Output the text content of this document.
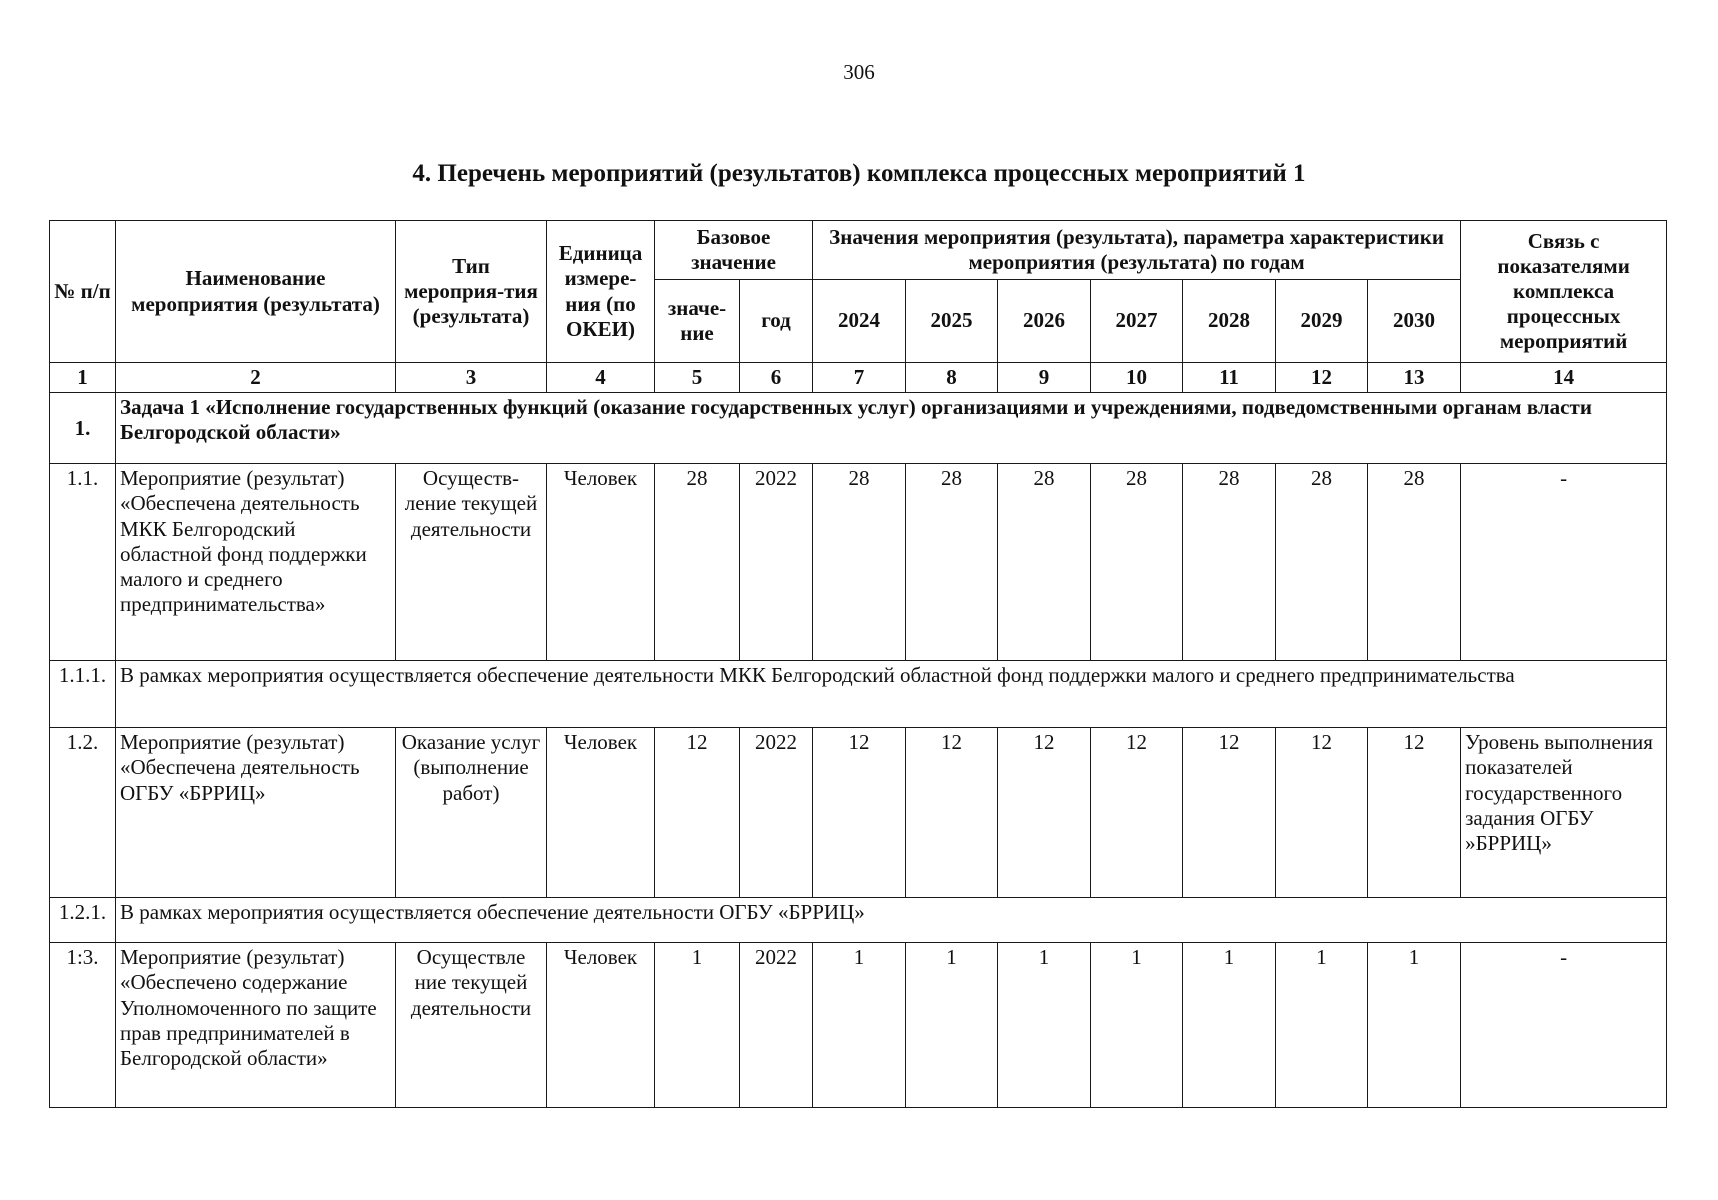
306
4. Перечень мероприятий (результатов) комплекса процессных мероприятий 1
№ п/п	Наименование мероприятия (результата)	Тип мероприя-тия (результата)	Единица измере-ния (по ОКЕИ)	Базовое значение		Значения мероприятия (результата), параметра характеристики мероприятия (результата) по годам							Связь с показателями комплекса процессных мероприятий
				значе-ние	год	2024	2025	2026	2027	2028	2029	2030	
1	2	3	4	5	6	7	8	9	10	11	12	13	14
1.	Задача 1 «Исполнение государственных функций (оказание государственных услуг) организациями и учреждениями, подведомственными органам власти Белгородской области»												
1.1.	Мероприятие (результат) «Обеспечена деятельность МКК Белгородский областной фонд поддержки малого и среднего предпринимательства»	Осуществ-ление текущей деятельности	Человек	28	2022	28	28	28	28	28	28	28	-
1.1.1.	В рамках мероприятия осуществляется обеспечение деятельности МКК Белгородский областной фонд поддержки малого и среднего предпринимательства												
1.2.	Мероприятие (результат) «Обеспечена деятельность ОГБУ «БРРИЦ»	Оказание услуг (выполнение работ)	Человек	12	2022	12	12	12	12	12	12	12	Уровень выполнения показателей государственного задания ОГБУ »БРРИЦ»
1.2.1.	В рамках мероприятия осуществляется обеспечение деятельности ОГБУ «БРРИЦ»												
1:3.	Мероприятие (результат) «Обеспечено содержание Уполномоченного по защите прав предпринимателей в Белгородской области»	Осуществле ние текущей деятельности	Человек	1	2022	1	1	1	1	1	1	1	-
